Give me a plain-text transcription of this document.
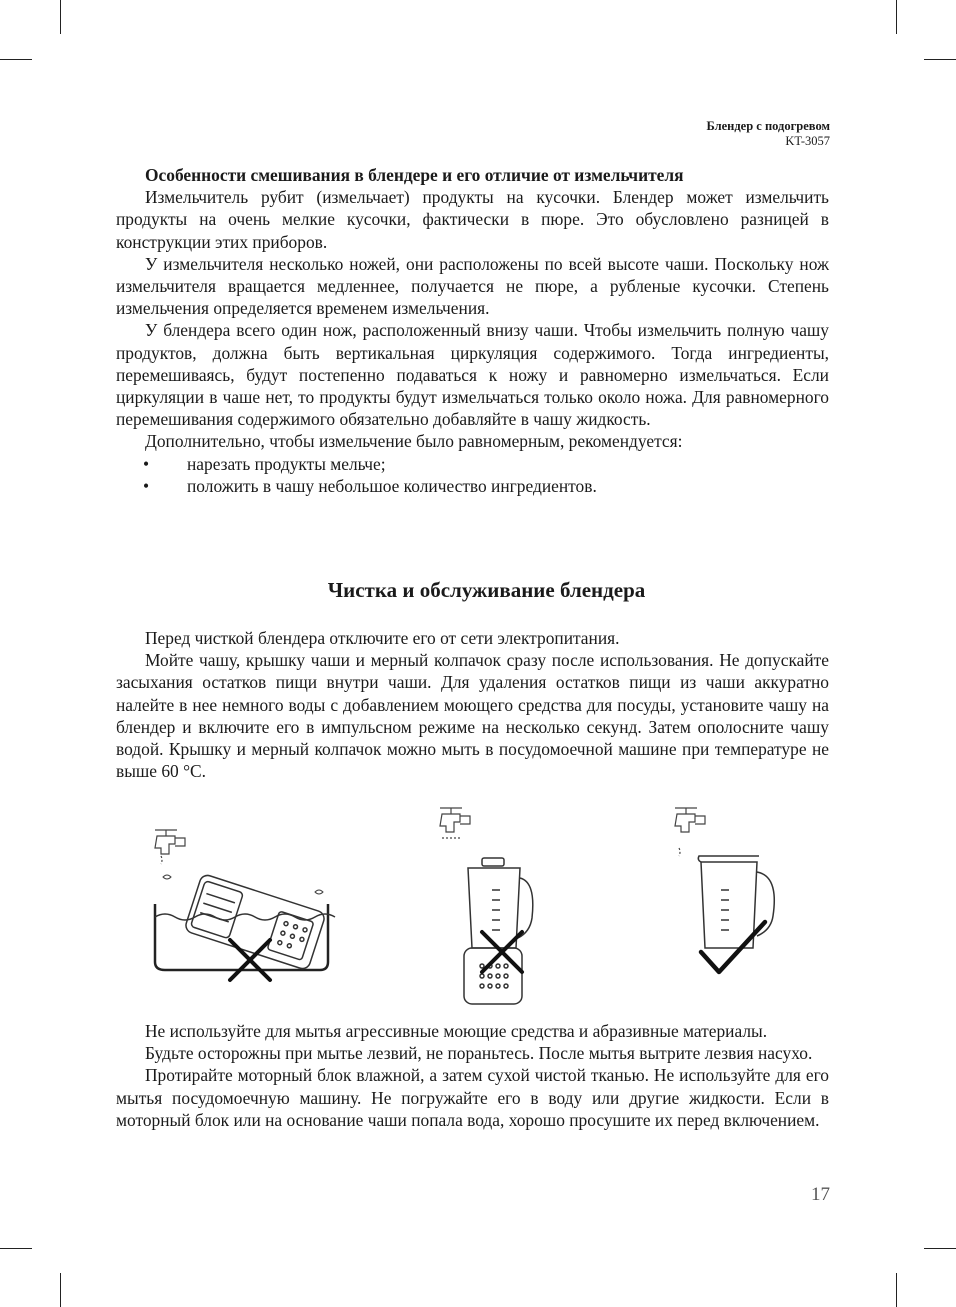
Блендер с подогревом
KT-3057
Особенности смешивания в блендере и его отличие от измельчителя

Измельчитель рубит (измельчает) продукты на кусочки. Блендер может измельчить продукты на очень мелкие кусочки, фактически в пюре. Это обусловлено разницей в конструкции этих приборов.

У измельчителя несколько ножей, они расположены по всей высоте чаши. Поскольку нож измельчителя вращается медленнее, получается не пюре, а рубленые кусочки. Степень измельчения определяется временем измельчения.

У блендера всего один нож, расположенный внизу чаши. Чтобы измельчить полную чашу продуктов, должна быть вертикальная циркуляция содержимого. Тогда ингредиенты, перемешиваясь, будут постепенно подаваться к ножу и равномерно измельчаться. Если циркуляции в чаше нет, то продукты будут измельчаться только около ножа. Для равномерного перемешивания содержимого обязательно добавляйте в чашу жидкость.

Дополнительно, чтобы измельчение было равномерным, рекомендуется:

• нарезать продукты мельче;
• положить в чашу небольшое количество ингредиентов.
Чистка и обслуживание блендера

Перед чисткой блендера отключите его от сети электропитания.

Мойте чашу, крышку чаши и мерный колпачок сразу после использования. Не допускайте засыхания остатков пищи внутри чаши. Для удаления остатков пищи из чаши аккуратно налейте в нее немного воды с добавлением моющего средства для посуды, установите чашу на блендер и включите его в импульсном режиме на несколько секунд. Затем ополосните чашу водой. Крышку и мерный колпачок можно мыть в посудомоечной машине при температуре не выше 60 °C.

Не используйте для мытья агрессивные моющие средства и абразивные материалы.

Будьте осторожны при мытье лезвий, не пораньтесь. После мытья вытрите лезвия насухо.

Протирайте моторный блок влажной, а затем сухой чистой тканью. Не используйте для его мытья посудомоечную машину. Не погружайте его в воду или другие жидкости. Если в моторный блок или на основание чаши попала вода, хорошо просушите их перед включением.

17
